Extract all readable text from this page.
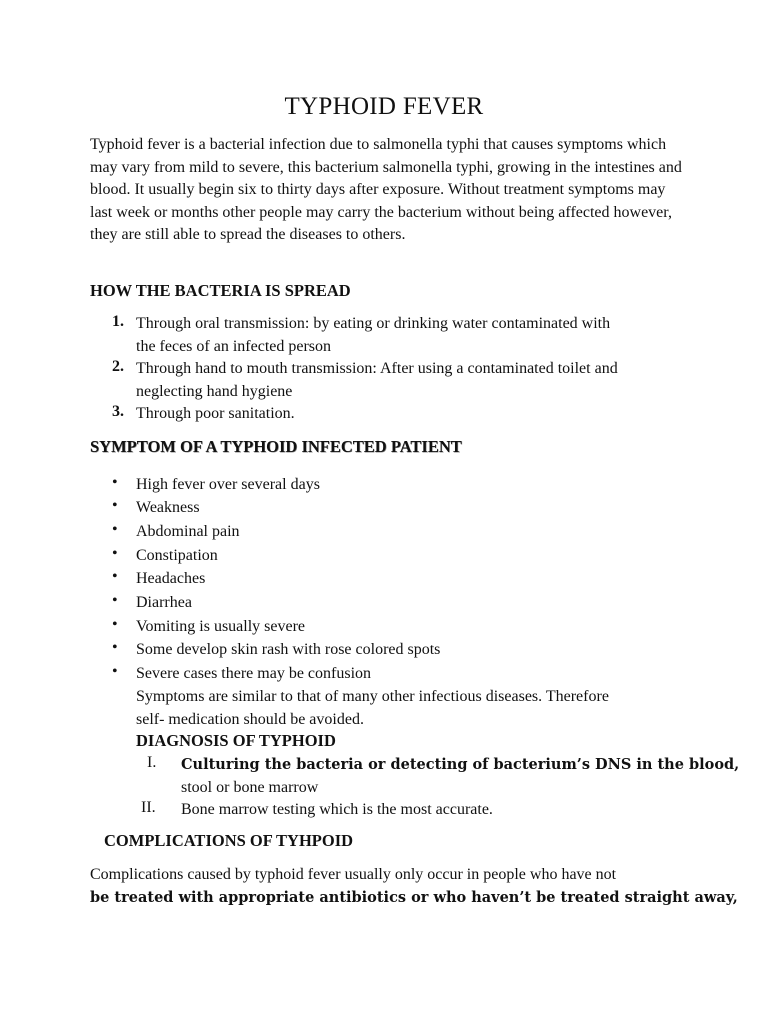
TYPHOID FEVER
Typhoid fever is a bacterial infection due to salmonella typhi that causes symptoms which may vary from mild to severe, this bacterium salmonella typhi, growing in the intestines and blood. It usually begin six to thirty days after exposure. Without treatment symptoms may last week or months other people may carry the bacterium without being affected however, they are still able to spread the diseases to others.
HOW THE BACTERIA IS SPREAD
1. Through oral transmission: by eating or drinking water contaminated with
the feces of an infected person
2. Through hand to mouth transmission: After using a contaminated toilet and
neglecting hand hygiene
3. Through poor sanitation.
SYMPTOM OF A TYPHOID INFECTED PATIENT
• High fever over several days
• Weakness
• Abdominal pain
• Constipation
• Headaches
• Diarrhea
• Vomiting is usually severe
• Some develop skin rash with rose colored spots
• Severe cases there may be confusion
Symptoms are similar to that of many other infectious diseases. Therefore
self- medication should be avoided.
DIAGNOSIS OF TYPHOID
I. Culturing the bacteria or detecting of bacterium’s DNS in the blood,
stool or bone marrow
II. Bone marrow testing which is the most accurate.
COMPLICATIONS OF TYHPOID
Complications caused by typhoid fever usually only occur in people who have not
be treated with appropriate antibiotics or who haven’t be treated straight away,
